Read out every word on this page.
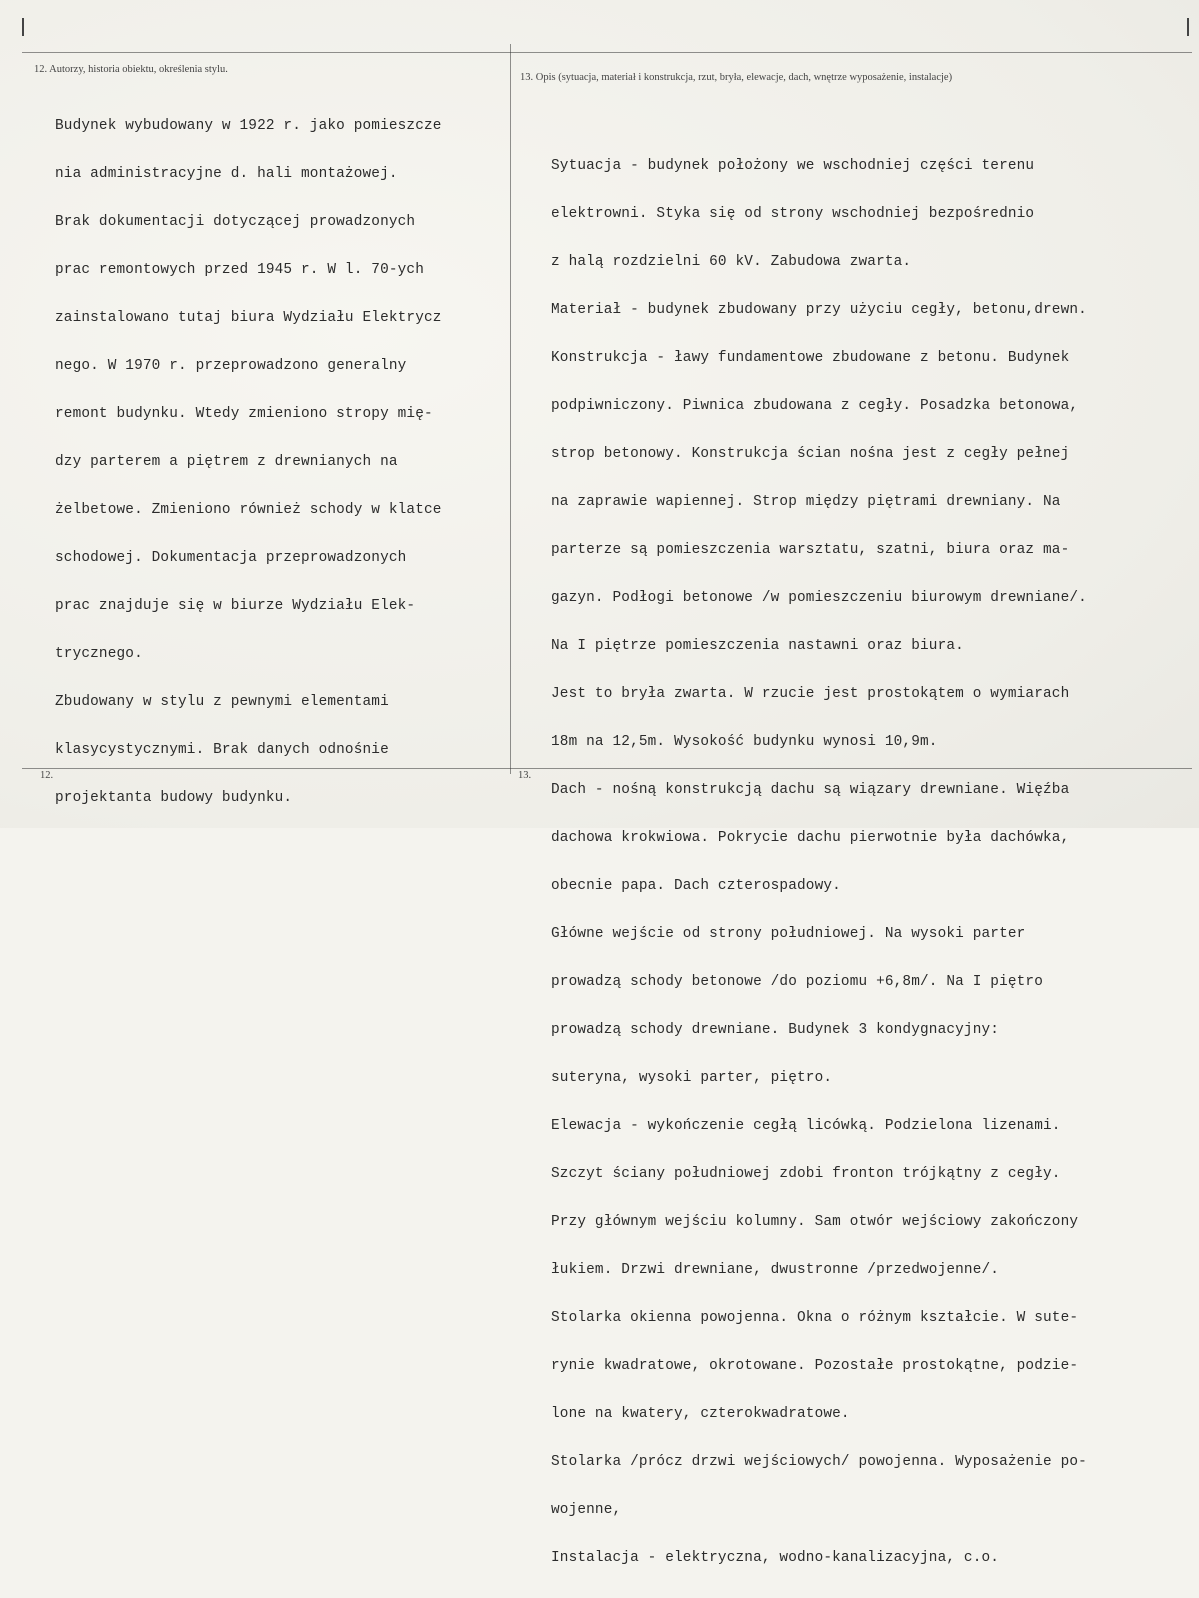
12. Autorzy, historia obiektu, określenia stylu.
13. Opis (sytuacja, materiał i konstrukcja, rzut, bryła, elewacje, dach, wnętrze wyposażenie, instalacje)
12.	13.

Budynek wybudowany w 1922 r. jako pomieszcze

nia administracyjne d. hali montażowej.

Brak dokumentacji dotyczącej prowadzonych

prac remontowych przed 1945 r. W l. 70-ych

zainstalowano tutaj biura Wydziału Elektrycz

nego. W 1970 r. przeprowadzono generalny

remont budynku. Wtedy zmieniono stropy mię-

dzy parterem a piętrem z drewnianych na

żelbetowe. Zmieniono również schody w klatce

schodowej. Dokumentacja przeprowadzonych

prac znajduje się w biurze Wydziału Elek-

trycznego.

Zbudowany w stylu z pewnymi elementami

klasycystycznymi. Brak danych odnośnie

projektanta budowy budynku.

Sytuacja - budynek położony we wschodniej części terenu

elektrowni. Styka się od strony wschodniej bezpośrednio

z halą rozdzielni 60 kV. Zabudowa zwarta.

Materiał - budynek zbudowany przy użyciu cegły, betonu,drewn.

Konstrukcja - ławy fundamentowe zbudowane z betonu. Budynek

podpiwniczony. Piwnica zbudowana z cegły. Posadzka betonowa,

strop betonowy. Konstrukcja ścian nośna jest z cegły pełnej

na zaprawie wapiennej. Strop między piętrami drewniany. Na

parterze są pomieszczenia warsztatu, szatni, biura oraz ma-

gazyn. Podłogi betonowe /w pomieszczeniu biurowym drewniane/.

Na I piętrze pomieszczenia nastawni oraz biura.

Jest to bryła zwarta. W rzucie jest prostokątem o wymiarach

18m na 12,5m. Wysokość budynku wynosi 10,9m.

Dach - nośną konstrukcją dachu są wiązary drewniane. Więźba

dachowa krokwiowa. Pokrycie dachu pierwotnie była dachówka,

obecnie papa. Dach czterospadowy.

Główne wejście od strony południowej. Na wysoki parter

prowadzą schody betonowe /do poziomu +6,8m/. Na I piętro

prowadzą schody drewniane. Budynek 3 kondygnacyjny:

suteryna, wysoki parter, piętro.

Elewacja - wykończenie cegłą licówką. Podzielona lizenami.

Szczyt ściany południowej zdobi fronton trójkątny z cegły.

Przy głównym wejściu kolumny. Sam otwór wejściowy zakończony

łukiem. Drzwi drewniane, dwustronne /przedwojenne/.

Stolarka okienna powojenna. Okna o różnym kształcie. W sute-

rynie kwadratowe, okrotowane. Pozostałe prostokątne, podzie-

lone na kwatery, czterokwadratowe.

Stolarka /prócz drzwi wejściowych/ powojenna. Wyposażenie po-

wojenne,

Instalacja - elektryczna, wodno-kanalizacyjna, c.o.
